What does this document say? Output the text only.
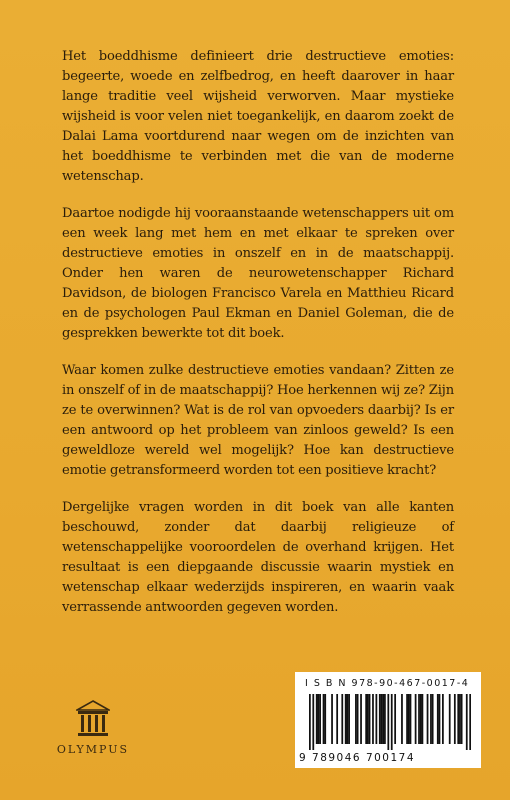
Het boeddhisme definieert drie destructieve emoties: begeerte, woede en zelfbedrog, en heeft daarover in haar lange traditie veel wijsheid verworven. Maar mystieke wijsheid is voor velen niet toegankelijk, en daarom zoekt de Dalai Lama voortdurend naar wegen om de inzichten van het boeddhisme te verbinden met die van de moderne wetenschap.

Daartoe nodigde hij vooraanstaande wetenschappers uit om een week lang met hem en met elkaar te spreken over destructieve emoties in onszelf en in de maatschappij. Onder hen waren de neurowetenschapper Richard Davidson, de biologen Francisco Varela en Matthieu Ricard en de psychologen Paul Ekman en Daniel Goleman, die de gesprekken bewerkte tot dit boek.

Waar komen zulke destructieve emoties vandaan? Zitten ze in onszelf of in de maatschappij? Hoe herkennen wij ze? Zijn ze te overwinnen? Wat is de rol van opvoeders daarbij? Is er een antwoord op het probleem van zinloos geweld? Is een geweldloze wereld wel mogelijk? Hoe kan destructieve emotie getransformeerd worden tot een positieve kracht?

Dergelijke vragen worden in dit boek van alle kanten beschouwd, zonder dat daarbij religieuze of wetenschappelijke vooroordelen de overhand krijgen. Het resultaat is een diepgaande discussie waarin mystiek en wetenschap elkaar wederzijds inspireren, en waarin vaak verrassende antwoorden gegeven worden.

OLYMPUS
I S B N 978-90-467-0017-4
9 789046 700174
